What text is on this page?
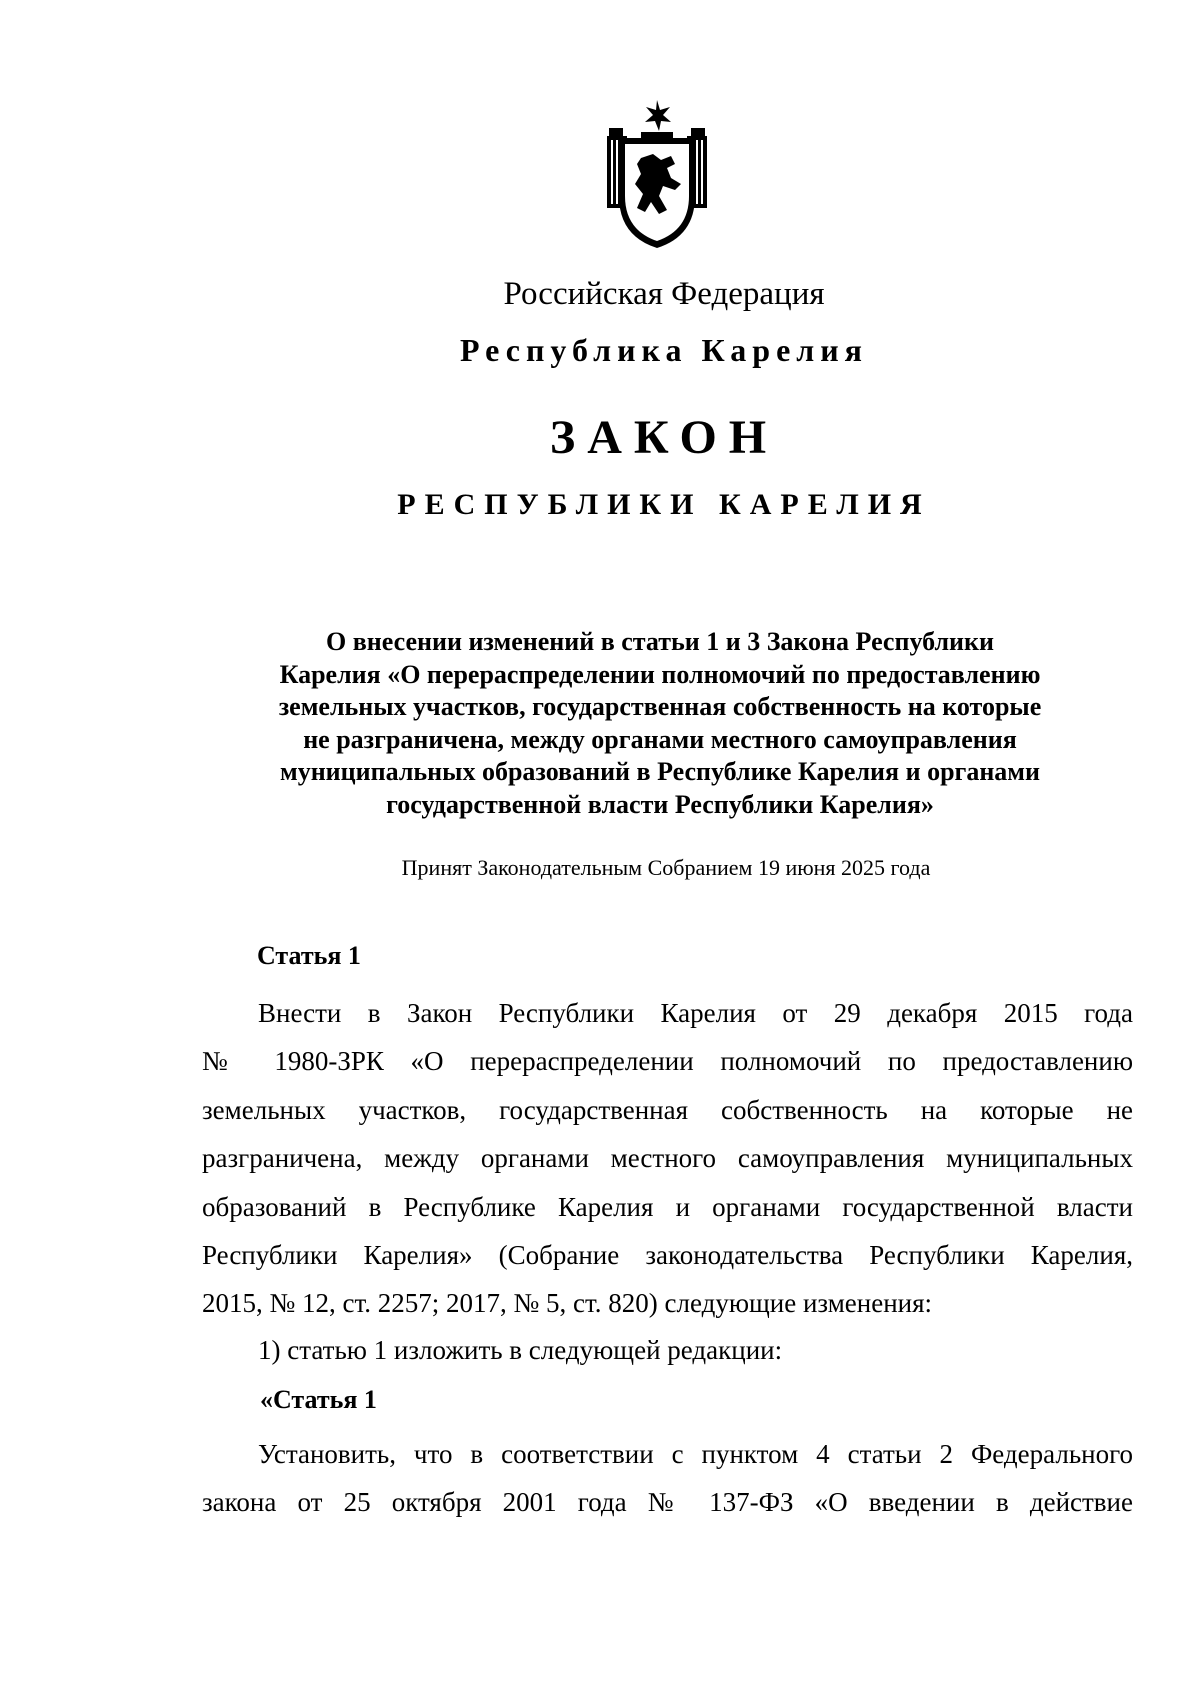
Российская Федерация
Республика Карелия
ЗАКОН
РЕСПУБЛИКИ КАРЕЛИЯ
О внесении изменений в статьи 1 и 3 Закона Республики
Карелия «О перераспределении полномочий по предоставлению
земельных участков, государственная собственность на которые
не разграничена, между органами местного самоуправления
муниципальных образований в Республике Карелия и органами
государственной власти Республики Карелия»
Принят Законодательным Собранием 19 июня 2025 года
Статья 1
Внести в Закон Республики Карелия от 29 декабря 2015 года
№ 1980-ЗРК «О перераспределении полномочий по предоставлению
земельных участков, государственная собственность на которые не
разграничена, между органами местного самоуправления муниципальных
образований в Республике Карелия и органами государственной власти
Республики Карелия» (Собрание законодательства Республики Карелия,
2015, № 12, ст. 2257; 2017, № 5, ст. 820) следующие изменения:
1) статью 1 изложить в следующей редакции:
«Статья 1
Установить, что в соответствии с пунктом 4 статьи 2 Федерального
закона от 25 октября 2001 года № 137-ФЗ «О введении в действие
